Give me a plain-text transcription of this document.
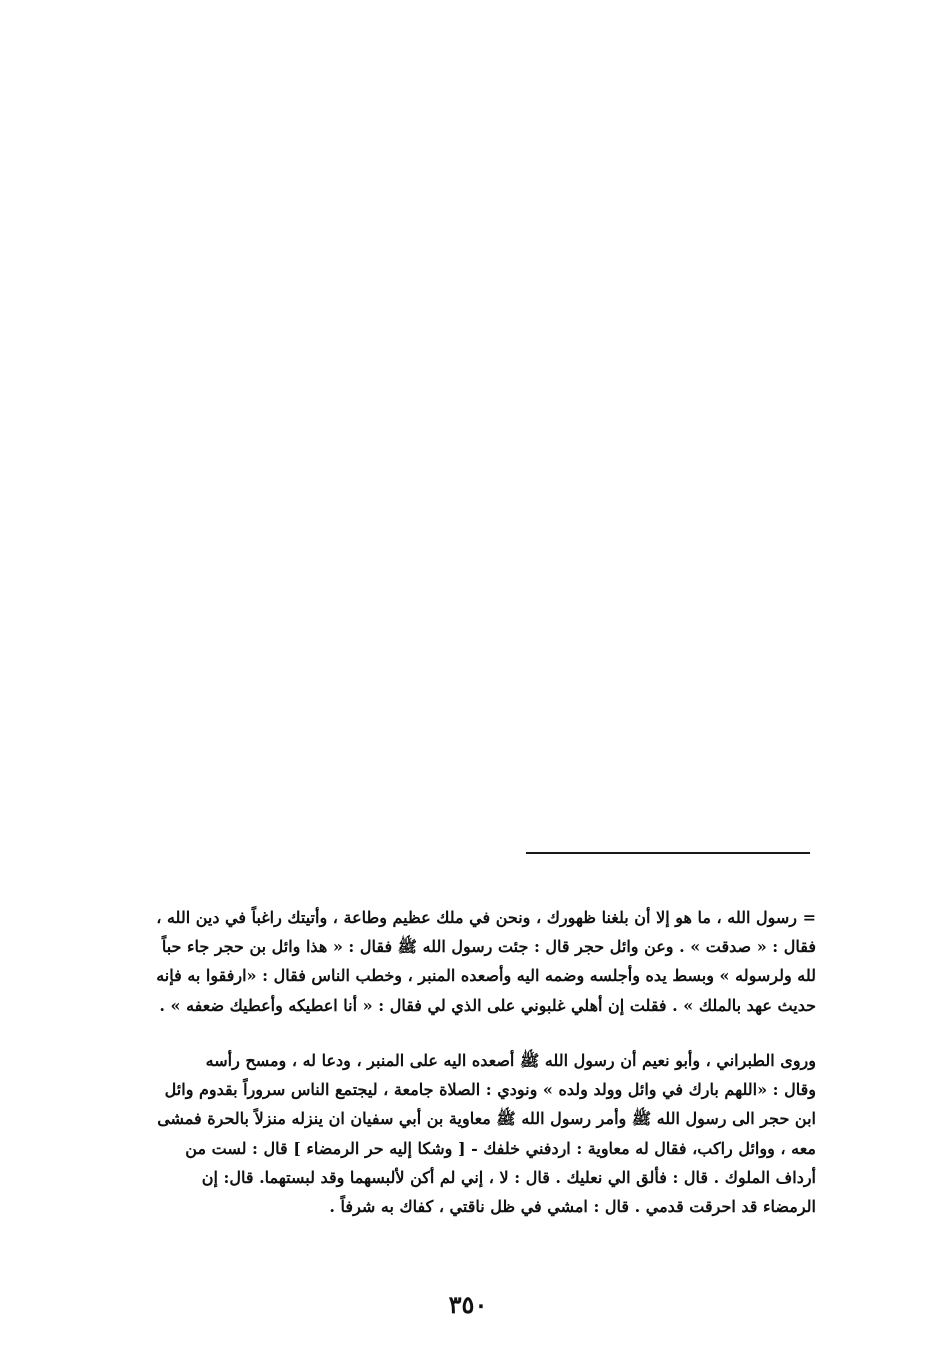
= رسول الله ، ما هو إلا أن بلغنا ظهورك ، ونحن في ملك عظيم وطاعة ، وأتيتك راغباً في دين الله ،
فقال : « صدقت » . وعن وائل حجر قال : جئت رسول الله ﷺ فقال : « هذا وائل بن حجر جاء حباً
لله ولرسوله » وبسط يده وأجلسه وضمه اليه وأصعده المنبر ، وخطب الناس فقال : «ارفقوا به فإنه
حديث عهد بالملك » . فقلت إن أهلي غلبوني على الذي لي فقال : « أنا اعطيكه وأعطيك ضعفه » .
وروى الطبراني ، وأبو نعيم أن رسول الله ﷺ أصعده اليه على المنبر ، ودعا له ، ومسح رأسه
وقال : «اللهم بارك في وائل وولد ولده » ونودي : الصلاة جامعة ، ليجتمع الناس سروراً بقدوم وائل
ابن حجر الى رسول الله ﷺ وأمر رسول الله ﷺ معاوية بن أبي سفيان ان ينزله منزلاً بالحرة فمشى
معه ، ووائل راكب، فقال له معاوية : اردفني خلفك - [ وشكا إليه حر الرمضاء ] قال : لست من
أرداف الملوك . قال : فألق الي نعليك . قال : لا ، إني لم أكن لألبسهما وقد لبستهما. قال: إن
الرمضاء قد احرقت قدمي . قال : امشي في ظل ناقتي ، كفاك به شرفاً .
٣٥٠
